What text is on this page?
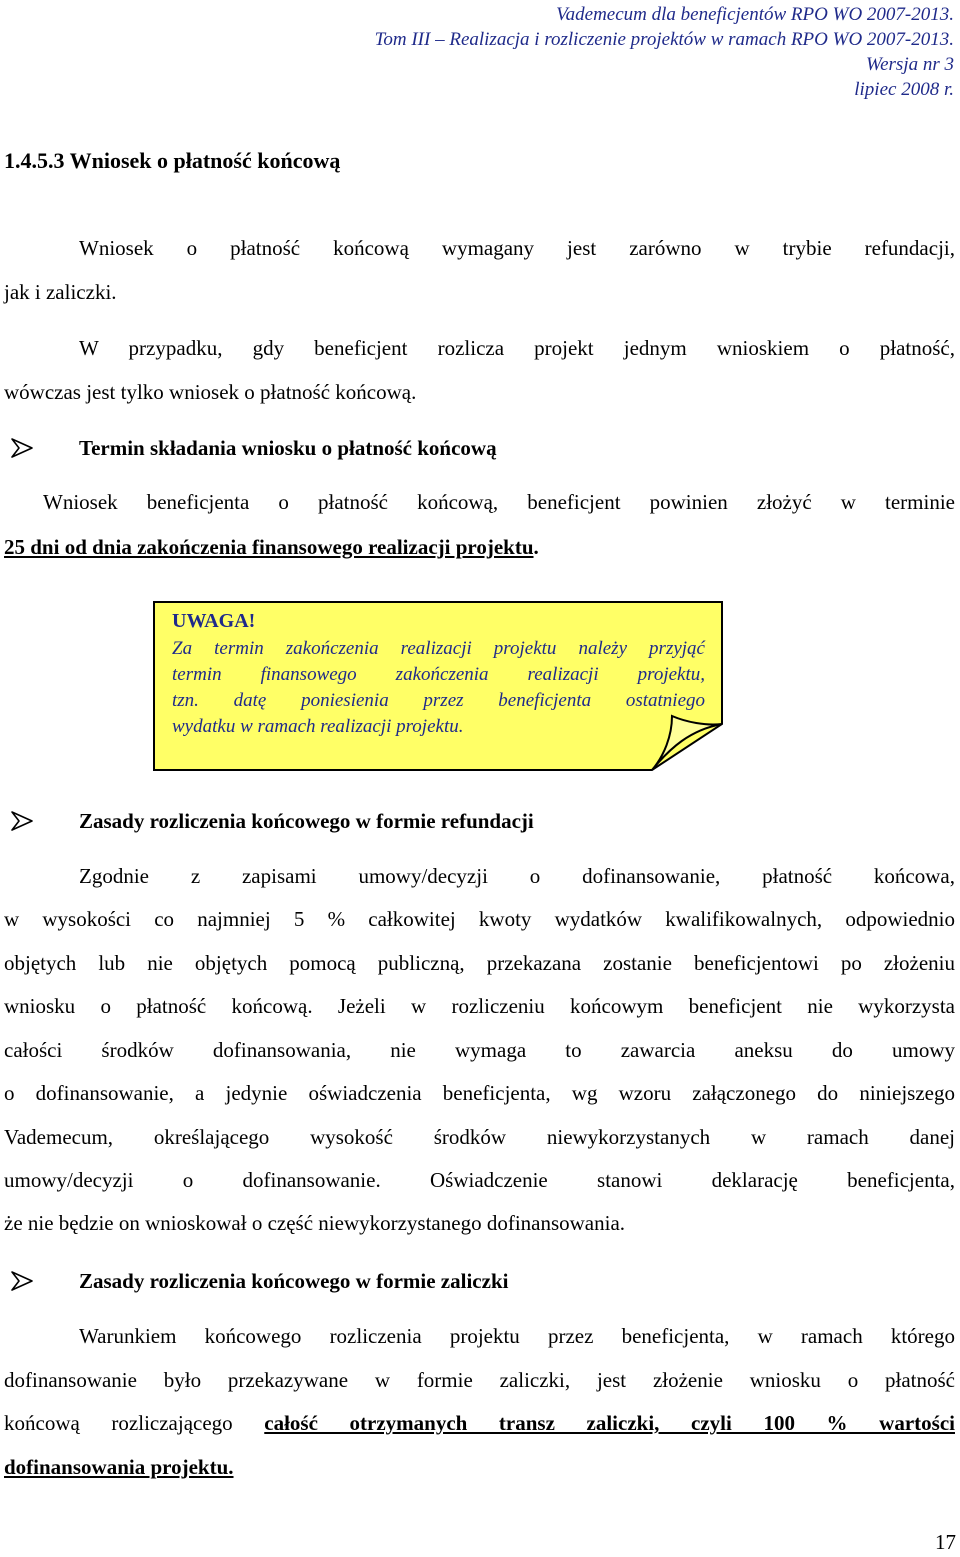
Vademecum dla beneficjentów RPO WO 2007-2013.
Tom III – Realizacja i rozliczenie projektów w ramach RPO WO 2007-2013.
Wersja nr 3
lipiec 2008 r.
1.4.5.3 Wniosek o płatność końcową
Wniosek o płatność końcową wymagany jest zarówno w trybie refundacji,
jak i zaliczki.
W przypadku, gdy beneficjent rozlicza projekt jednym wnioskiem o płatność,
wówczas jest tylko wniosek o płatność końcową.
Termin składania wniosku o płatność końcową
Wniosek beneficjenta o płatność końcową, beneficjent powinien złożyć w terminie
25 dni od dnia zakończenia finansowego realizacji projektu.
UWAGA!
Za termin zakończenia realizacji projektu należy przyjąć
termin finansowego zakończenia realizacji projektu,
tzn. datę poniesienia przez beneficjenta ostatniego
wydatku w ramach realizacji projektu.
Zasady rozliczenia końcowego w formie refundacji
Zgodnie z zapisami umowy/decyzji o dofinansowanie, płatność końcowa,
w wysokości co najmniej 5 % całkowitej kwoty wydatków kwalifikowalnych, odpowiednio
objętych lub nie objętych pomocą publiczną, przekazana zostanie beneficjentowi po złożeniu
wniosku o płatność końcową. Jeżeli w rozliczeniu końcowym beneficjent nie wykorzysta
całości środków dofinansowania, nie wymaga to zawarcia aneksu do umowy
o dofinansowanie, a jedynie oświadczenia beneficjenta, wg wzoru załączonego do niniejszego
Vademecum, określającego wysokość środków niewykorzystanych w ramach danej
umowy/decyzji o dofinansowanie. Oświadczenie stanowi deklarację beneficjenta,
że nie będzie on wnioskował o część niewykorzystanego dofinansowania.
Zasady rozliczenia końcowego w formie zaliczki
Warunkiem końcowego rozliczenia projektu przez beneficjenta, w ramach którego
dofinansowanie było przekazywane w formie zaliczki, jest złożenie wniosku o płatność
końcową rozliczającego całość otrzymanych transz zaliczki, czyli 100 % wartości
dofinansowania projektu.
17
